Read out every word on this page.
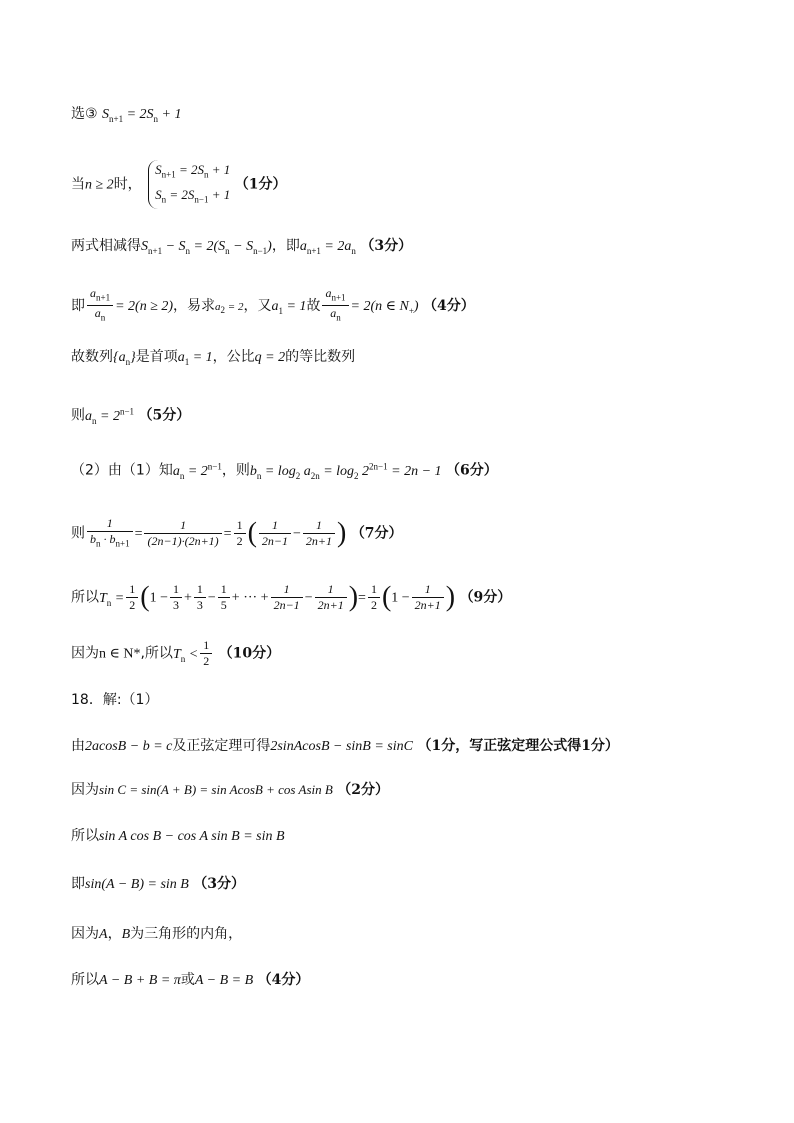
选③ $S_{n+1} = 2S_n + 1$
当n ≥ 2时，
$S_{n+1} = 2S_n + 1$
$S_n = 2S_{n-1} + 1$
（1分）
两式相减得$S_{n+1} - S_n = 2(S_n - S_{n-1})$，即$a_{n+1} = 2a_n$ （3分）
即 $\frac{a_{n+1}}{a_n} = 2(n \ge 2)$，易求$a_2 = 2$，又$a_1 = 1$故 $\frac{a_{n+1}}{a_n} = 2(n$ ∈ $N_+$) （4分）
故数列$\{a_n\}$是首项$a_1 = 1$，公比q = 2的等比数列
则$a_n = 2^{n-1}$ （5分）
（2）由（1）知$a_n = 2^{n-1}$，则$b_n = \log_2 a_{2n} = \log_2 2^{2n-1} = 2n - 1$ （6分）
则 $\frac{1}{b_n \cdot b_{n+1}} = \frac{1}{(2n-1)\cdot(2n+1)} = \frac{1}{2}$ ( $\frac{1}{2n-1} - \frac{1}{2n+1}$ ) （7分）
所以$T_n = \frac{1}{2} (1 - \frac{1}{3} + \frac{1}{3} - \frac{1}{5}$ + ··· + $\frac{1}{2n-1} - \frac{1}{2n+1}$ )= $\frac{1}{2} (1 - \frac{1}{2n+1}$ ) （9分）
因为n ∈ N*,所以$T_n < \frac{1}{2} (10$分）
18．解:（1）
由2acosB − b = c及正弦定理可得2sinAcosB − sinB = sinC （1分，写正弦定理公式得1分）
因为sin C = sin(A + B) = sin AcosB + cos Asin B （2分）
所以sin A cos B − cos A sin B = sin B
即sin(A − B) = sin B （3分）
因为A，B为三角形的内角，
所以A − B + B = π或A − B = B （4分）
